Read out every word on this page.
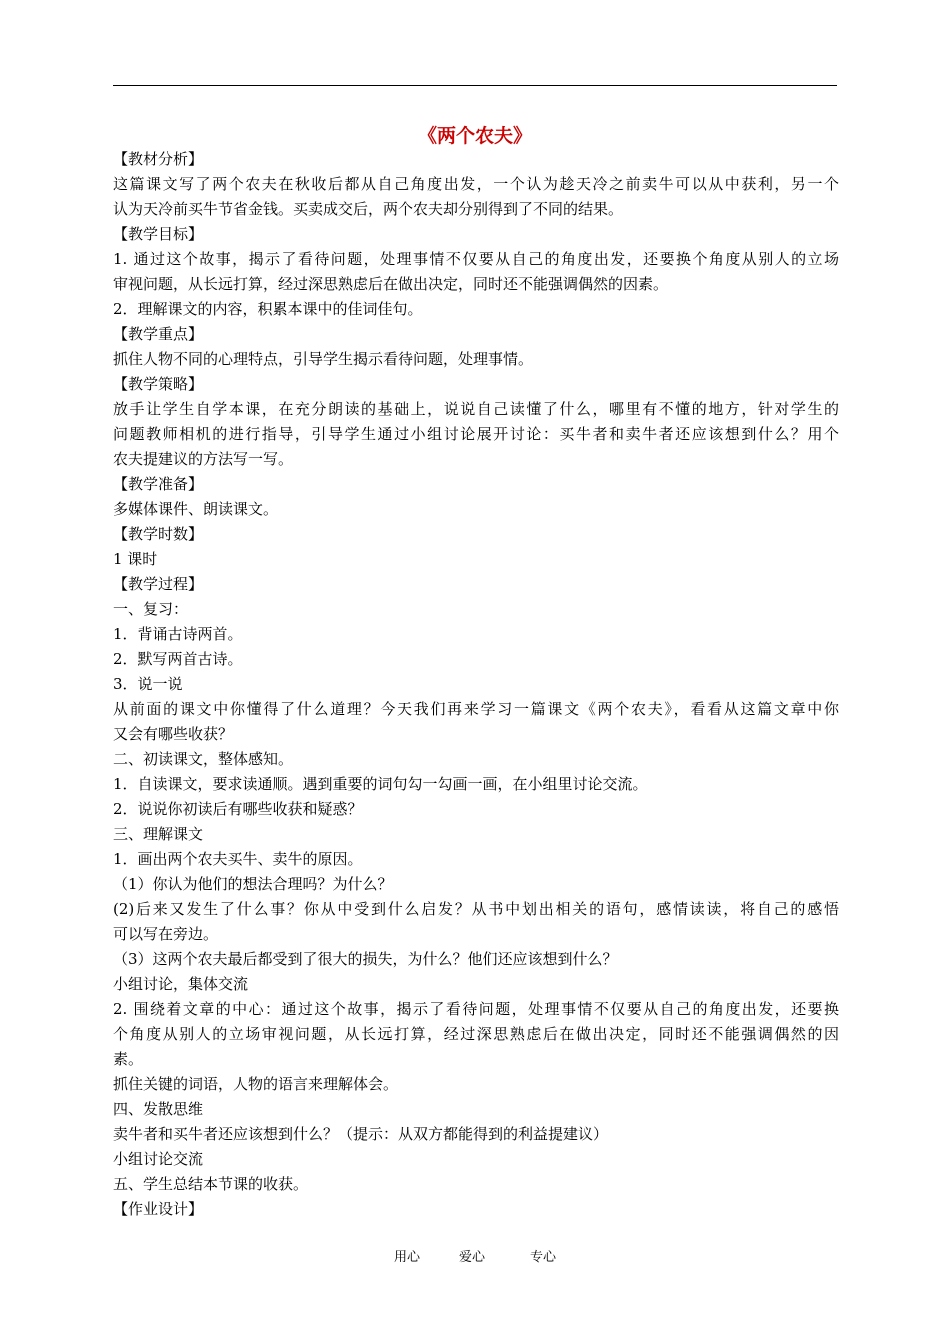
《两个农夫》
【教材分析】
这篇课文写了两个农夫在秋收后都从自己角度出发，一个认为趁天冷之前卖牛可以从中获利，另一个
认为天冷前买牛节省金钱。买卖成交后，两个农夫却分别得到了不同的结果。
【教学目标】
1. 通过这个故事，揭示了看待问题，处理事情不仅要从自己的角度出发，还要换个角度从别人的立场
审视问题，从长远打算，经过深思熟虑后在做出决定，同时还不能强调偶然的因素。
2．理解课文的内容，积累本课中的佳词佳句。
【教学重点】
抓住人物不同的心理特点，引导学生揭示看待问题，处理事情。
【教学策略】
放手让学生自学本课，在充分朗读的基础上，说说自己读懂了什么，哪里有不懂的地方，针对学生的
问题教师相机的进行指导，引导学生通过小组讨论展开讨论：买牛者和卖牛者还应该想到什么？用个
农夫提建议的方法写一写。
【教学准备】
多媒体课件、朗读课文。
【教学时数】
1 课时
【教学过程】
一、复习：
1．背诵古诗两首。
2．默写两首古诗。
3．说一说
从前面的课文中你懂得了什么道理？今天我们再来学习一篇课文《两个农夫》，看看从这篇文章中你
又会有哪些收获？
二、初读课文，整体感知。
1．自读课文，要求读通顺。遇到重要的词句勾一勾画一画，在小组里讨论交流。
2．说说你初读后有哪些收获和疑惑？
三、理解课文
1．画出两个农夫买牛、卖牛的原因。
（1）你认为他们的想法合理吗？为什么？
(2)后来又发生了什么事？你从中受到什么启发？从书中划出相关的语句，感情读读，将自己的感悟
可以写在旁边。
（3）这两个农夫最后都受到了很大的损失，为什么？他们还应该想到什么？
小组讨论，集体交流
2. 围绕着文章的中心：通过这个故事，揭示了看待问题，处理事情不仅要从自己的角度出发，还要换
个角度从别人的立场审视问题，从长远打算，经过深思熟虑后在做出决定，同时还不能强调偶然的因
素。
抓住关键的词语，人物的语言来理解体会。
四、发散思维
卖牛者和买牛者还应该想到什么？（提示：从双方都能得到的利益提建议）
小组讨论交流
五、学生总结本节课的收获。
【作业设计】
用心	爱心	专心
